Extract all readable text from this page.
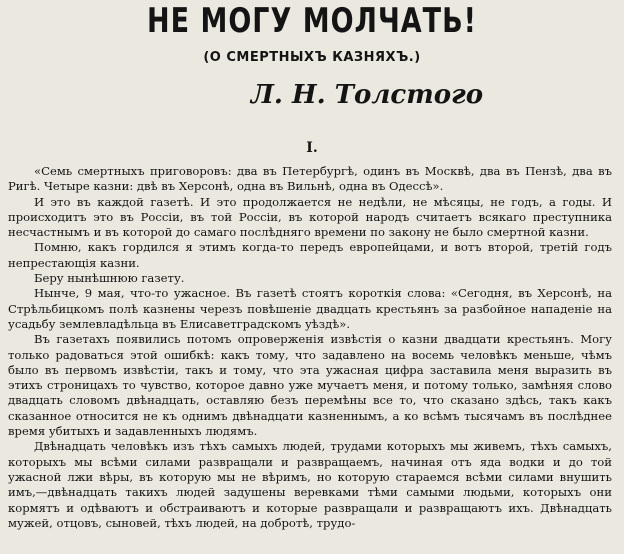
НЕ МОГУ МОЛЧАТЬ!
(О СМЕРТНЫХЪ КАЗНЯХЪ.)
Л. Н. Толстого
I.

«Семь смертныхъ приговоровъ: два въ Петербургѣ, одинъ въ Москвѣ, два въ Пензѣ, два въ Ригѣ. Четыре казни: двѣ въ Херсонѣ, одна въ Вильнѣ, одна въ Одессѣ».

И это въ каждой газетѣ. И это продолжается не недѣли, не мѣсяцы, не годъ, а годы. И происходитъ это въ Россіи, въ той Россіи, въ которой народъ считаетъ всякаго преступника несчастнымъ и въ которой до самаго послѣдняго времени по закону не было смертной казни.

Помню, какъ гордился я этимъ когда-то передъ европейцами, и вотъ второй, третій годъ непрестающія казни.

Беру нынѣшнюю газету.

Нынче, 9 мая, что-то ужасное. Въ газетѣ стоятъ короткія слова: «Сегодня, въ Херсонѣ, на Стрѣльбицкомъ полѣ казнены черезъ повѣшеніе двадцать крестьянъ за разбойное нападеніе на усадьбу землевладѣльца въ Елисаветградскомъ уѣздѣ».

Въ газетахъ появились потомъ опроверженія извѣстія о казни двадцати крестьянъ. Могу только радоваться этой ошибкѣ: какъ тому, что задавлено на восемь человѣкъ меньше, чѣмъ было въ первомъ извѣстіи, такъ и тому, что эта ужасная цифра заставила меня выразить въ этихъ строницахъ то чувство, которое давно уже мучаетъ меня, и потому только, замѣняя слово двадцать словомъ двѣнадцать, оставляю безъ перемѣны все то, что сказано здѣсь, такъ какъ сказанное относится не къ однимъ двѣнадцати казненнымъ, а ко всѣмъ тысячамъ въ послѣднее время убитыхъ и задавленныхъ людямъ.

Двѣнадцать человѣкъ изъ тѣхъ самыхъ людей, трудами которыхъ мы живемъ, тѣхъ самыхъ, которыхъ мы всѣми силами развращали и развращаемъ, начиная отъ яда водки и до той ужасной лжи вѣры, въ которую мы не вѣримъ, но которую стараемся всѣми силами внушить имъ,—двѣнадцать такихъ людей задушены веревками тѣми самыми людьми, которыхъ они кормятъ и одѣваютъ и обстраиваютъ и которые развращали и развращаютъ ихъ. Двѣнадцать мужей, отцовъ, сыновей, тѣхъ людей, на добротѣ, трудо-
